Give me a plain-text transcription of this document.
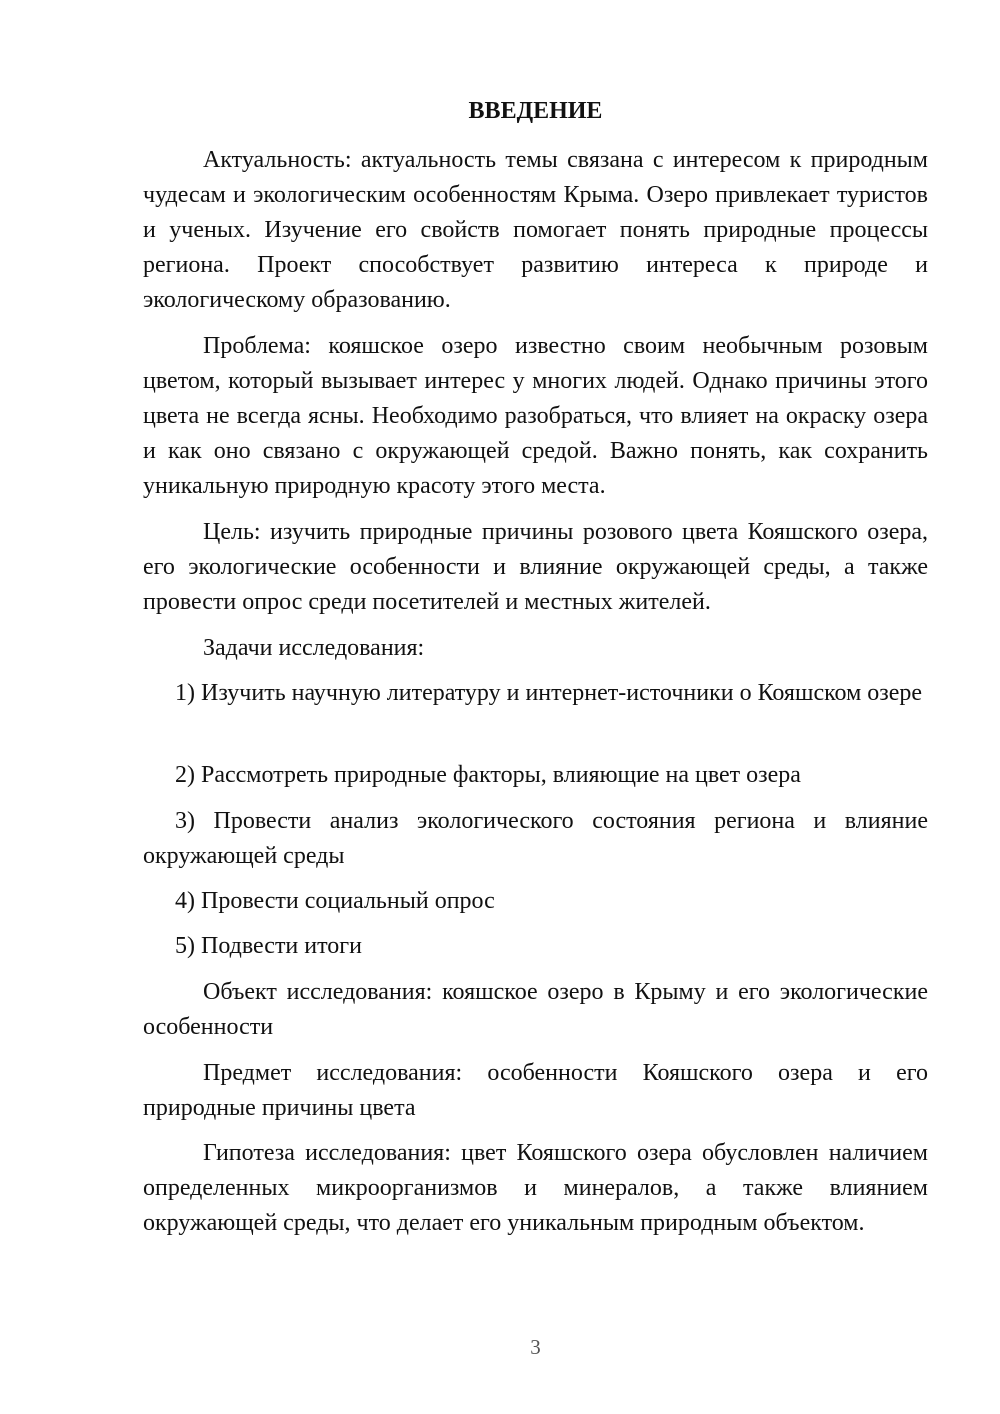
ВВЕДЕНИЕ

Актуальность: актуальность темы связана с интересом к природным чудесам и экологическим особенностям Крыма. Озеро привлекает туристов и ученых. Изучение его свойств помогает понять природные процессы региона. Проект способствует развитию интереса к природе и экологическому образованию.

Проблема: кояшское озеро известно своим необычным розовым цветом, который вызывает интерес у многих людей. Однако причины этого цвета не всегда ясны. Необходимо разобраться, что влияет на окраску озера и как оно связано с окружающей средой. Важно понять, как сохранить уникальную природную красоту этого места.

Цель: изучить природные причины розового цвета Кояшского озера, его экологические особенности и влияние окружающей среды, а также провести опрос среди посетителей и местных жителей.

Задачи исследования:

1) Изучить научную литературу и интернет-источники о Кояшском озере

2) Рассмотреть природные факторы, влияющие на цвет озера

3) Провести анализ экологического состояния региона и влияние окружающей среды

4) Провести социальный опрос

5) Подвести итоги

Объект исследования: кояшское озеро в Крыму и его экологические особенности

Предмет исследования: особенности Кояшского озера и его природные причины цвета

Гипотеза исследования: цвет Кояшского озера обусловлен наличием определенных микроорганизмов и минералов, а также влиянием окружающей среды, что делает его уникальным природным объектом.

3
